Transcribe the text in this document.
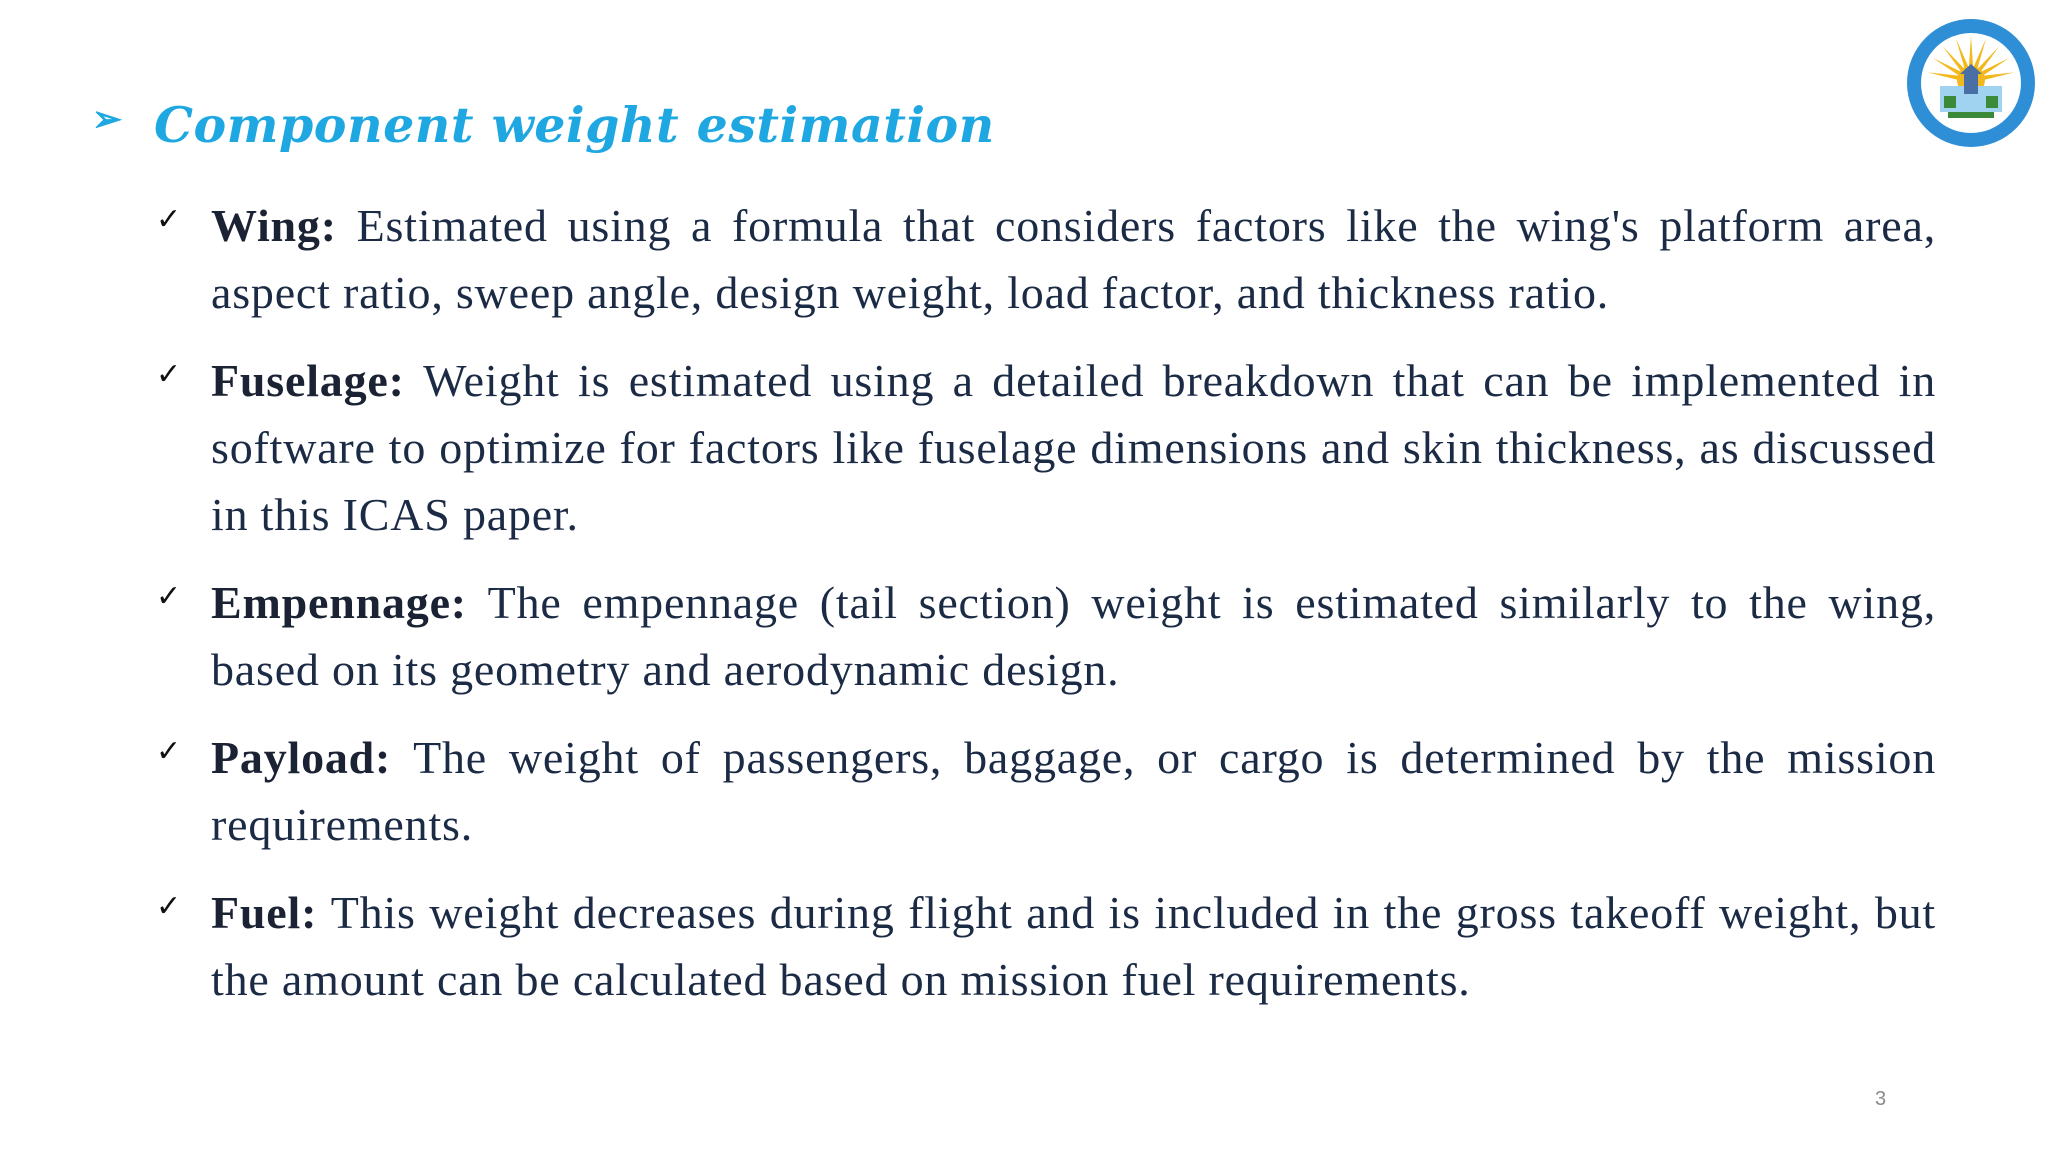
➢ Component weight estimation
✓ Wing: Estimated using a formula that considers factors like the wing's platform area, aspect ratio, sweep angle, design weight, load factor, and thickness ratio.
✓ Fuselage: Weight is estimated using a detailed breakdown that can be implemented in software to optimize for factors like fuselage dimensions and skin thickness, as discussed in this ICAS paper.
✓ Empennage: The empennage (tail section) weight is estimated similarly to the wing, based on its geometry and aerodynamic design.
✓ Payload: The weight of passengers, baggage, or cargo is determined by the mission requirements.
✓ Fuel: This weight decreases during flight and is included in the gross takeoff weight, but the amount can be calculated based on mission fuel requirements.
3
